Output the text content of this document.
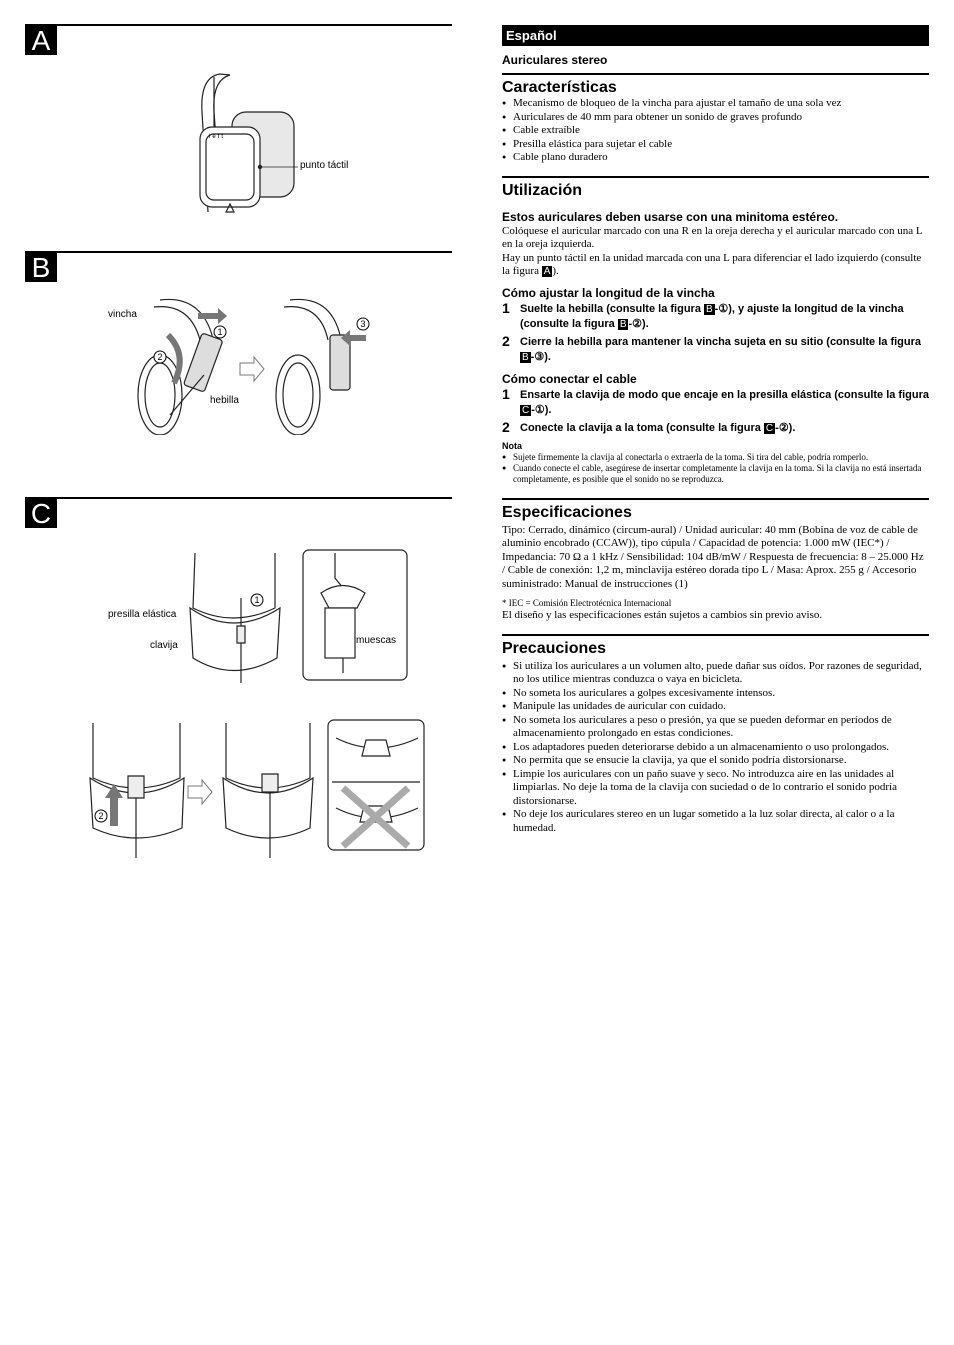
A
left
punto táctil
B
1
2
3
vincha
hebilla
C
1
presilla elástica
clavija	muescas
2
Español
Auriculares stereo
Características
● Mecanismo de bloqueo de la vincha para ajustar el tamaño de una sola vez
● Auriculares de 40 mm para obtener un sonido de graves profundo
● Cable extraíble
● Presilla elástica para sujetar el cable
● Cable plano duradero
Utilización
Estos auriculares deben usarse con una minitoma estéreo.
Colóquese el auricular marcado con una R en la oreja derecha y el auricular marcado con una L en la oreja izquierda.
Hay un punto táctil en la unidad marcada con una L para diferenciar el lado izquierdo (consulte la figura A ).
Cómo ajustar la longitud de la vincha
1 Suelte la hebilla (consulte la figura B -①), y ajuste la longitud de la vincha (consulte la figura B -②).
2 Cierre la hebilla para mantener la vincha sujeta en su sitio (consulte la figura B -③).
Cómo conectar el cable
1 Ensarte la clavija de modo que encaje en la presilla elástica (consulte la figura C -①).
2 Conecte la clavija a la toma (consulte la figura C -②).
Nota
● Sujete firmemente la clavija al conectarla o extraerla de la toma. Si tira del cable, podría romperlo.
● Cuando conecte el cable, asegúrese de insertar completamente la clavija en la toma. Si la clavija no está insertada completamente, es posible que el sonido no se reproduzca.
Especificaciones
Tipo: Cerrado, dinámico (circum-aural) / Unidad auricular: 40 mm (Bobina de voz de cable de aluminio encobrado (CCAW)), tipo cúpula / Capacidad de potencia: 1.000 mW (IEC*) / Impedancia: 70 Ω a 1 kHz / Sensibilidad: 104 dB/mW / Respuesta de frecuencia: 8 – 25.000 Hz / Cable de conexión: 1,2 m, minclavija estéreo dorada tipo L / Masa: Aprox. 255 g / Accesorio suministrado: Manual de instrucciones (1)
* IEC = Comisión Electrotécnica Internacional
El diseño y las especificaciones están sujetos a cambios sin previo aviso.
Precauciones
● Si utiliza los auriculares a un volumen alto, puede dañar sus oídos. Por razones de seguridad, no los utilice mientras conduzca o vaya en bicicleta.
● No someta los auriculares a golpes excesivamente intensos.
● Manipule las unidades de auricular con cuidado.
● No someta los auriculares a peso o presión, ya que se pueden deformar en períodos de almacenamiento prolongado en estas condiciones.
● Los adaptadores pueden deteriorarse debido a un almacenamiento o uso prolongados.
● No permita que se ensucie la clavija, ya que el sonido podría distorsionarse.
● Limpie los auriculares con un paño suave y seco. No introduzca aire en las unidades al limpiarlas. No deje la toma de la clavija con suciedad o de lo contrario el sonido podría distorsionarse.
● No deje los auriculares stereo en un lugar sometido a la luz solar directa, al calor o a la humedad.
